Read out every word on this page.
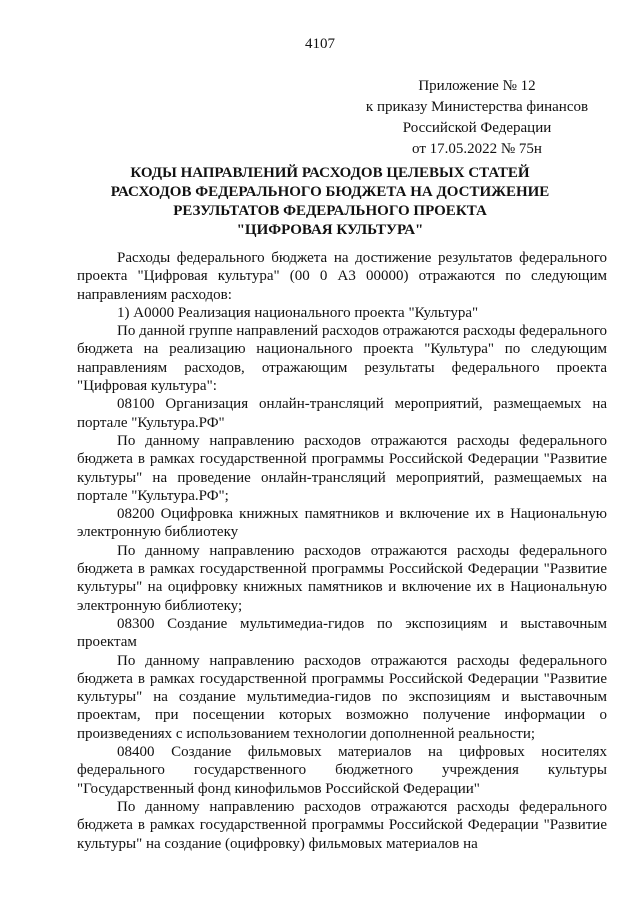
4107
Приложение № 12
к приказу Министерства финансов
Российской Федерации
от 17.05.2022 № 75н
КОДЫ НАПРАВЛЕНИЙ РАСХОДОВ ЦЕЛЕВЫХ СТАТЕЙ
РАСХОДОВ ФЕДЕРАЛЬНОГО БЮДЖЕТА НА ДОСТИЖЕНИЕ
РЕЗУЛЬТАТОВ ФЕДЕРАЛЬНОГО ПРОЕКТА
"ЦИФРОВАЯ КУЛЬТУРА"

Расходы федерального бюджета на достижение результатов федерального проекта "Цифровая культура" (00 0 А3 00000) отражаются по следующим направлениям расходов:

1) А0000 Реализация национального проекта "Культура"

По данной группе направлений расходов отражаются расходы федерального бюджета на реализацию национального проекта "Культура" по следующим направлениям расходов, отражающим результаты федерального проекта "Цифровая культура":

08100 Организация онлайн-трансляций мероприятий, размещаемых на портале "Культура.РФ"

По данному направлению расходов отражаются расходы федерального бюджета в рамках государственной программы Российской Федерации "Развитие культуры" на проведение онлайн-трансляций мероприятий, размещаемых на портале "Культура.РФ";

08200 Оцифровка книжных памятников и включение их в Национальную электронную библиотеку

По данному направлению расходов отражаются расходы федерального бюджета в рамках государственной программы Российской Федерации "Развитие культуры" на оцифровку книжных памятников и включение их в Национальную электронную библиотеку;

08300 Создание мультимедиа-гидов по экспозициям и выставочным проектам

По данному направлению расходов отражаются расходы федерального бюджета в рамках государственной программы Российской Федерации "Развитие культуры" на создание мультимедиа-гидов по экспозициям и выставочным проектам, при посещении которых возможно получение информации о произведениях с использованием технологии дополненной реальности;

08400 Создание фильмовых материалов на цифровых носителях федерального государственного бюджетного учреждения культуры "Государственный фонд кинофильмов Российской Федерации"

По данному направлению расходов отражаются расходы федерального бюджета в рамках государственной программы Российской Федерации "Развитие культуры" на создание (оцифровку) фильмовых материалов на
